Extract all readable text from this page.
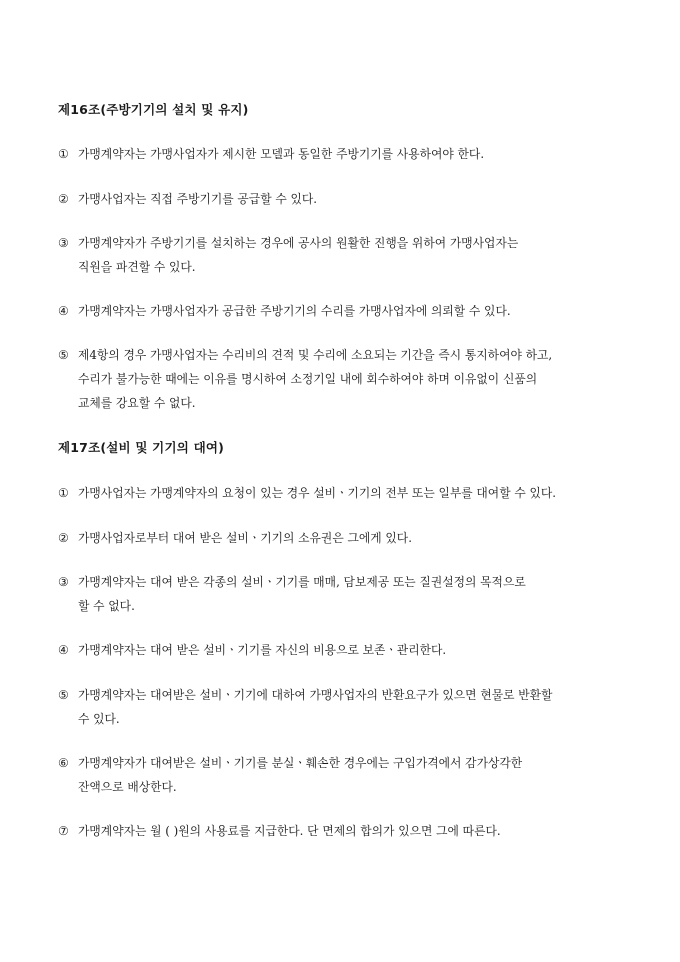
제16조(주방기기의 설치 및 유지)
① 가맹계약자는 가맹사업자가 제시한 모델과 동일한 주방기기를 사용하여야 한다.
② 가맹사업자는 직접 주방기기를 공급할 수 있다.
③ 가맹계약자가 주방기기를 설치하는 경우에 공사의 원활한 진행을 위하여 가맹사업자는
직원을 파견할 수 있다.
④ 가맹계약자는 가맹사업자가 공급한 주방기기의 수리를 가맹사업자에 의뢰할 수 있다.
⑤ 제4항의 경우 가맹사업자는 수리비의 견적 및 수리에 소요되는 기간을 즉시 통지하여야 하고,
수리가 불가능한 때에는 이유를 명시하여 소정기일 내에 회수하여야 하며 이유없이 신품의
교체를 강요할 수 없다.
제17조(설비 및 기기의 대여)
① 가맹사업자는 가맹계약자의 요청이 있는 경우 설비ㆍ기기의 전부 또는 일부를 대여할 수 있다.
② 가맹사업자로부터 대여 받은 설비ㆍ기기의 소유권은 그에게 있다.
③ 가맹계약자는 대여 받은 각종의 설비ㆍ기기를 매매, 담보제공 또는 질권설정의 목적으로
할 수 없다.
④ 가맹계약자는 대여 받은 설비ㆍ기기를 자신의 비용으로 보존ㆍ관리한다.
⑤ 가맹계약자는 대여받은 설비ㆍ기기에 대하여 가맹사업자의 반환요구가 있으면 현물로 반환할
수 있다.
⑥ 가맹계약자가 대여받은 설비ㆍ기기를 분실ㆍ훼손한 경우에는 구입가격에서 감가상각한
잔액으로 배상한다.
⑦ 가맹계약자는 월 ( )원의 사용료를 지급한다. 단 면제의 합의가 있으면 그에 따른다.
